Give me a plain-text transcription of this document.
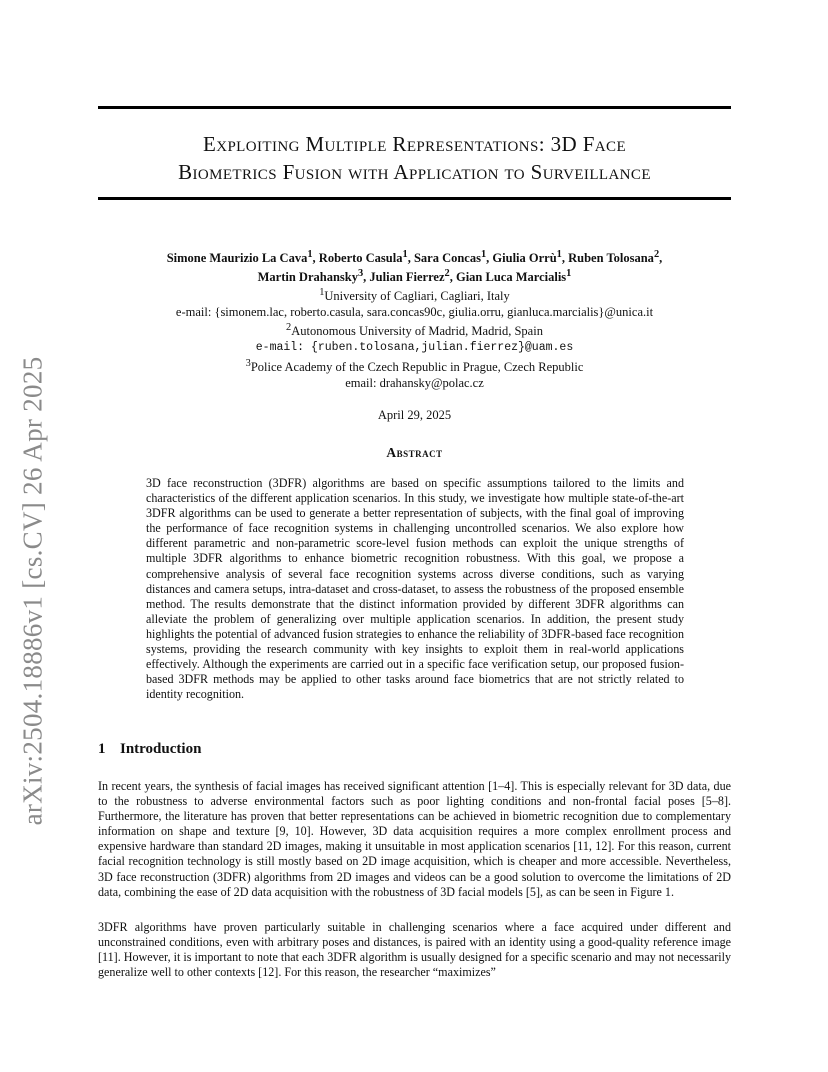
arXiv:2504.18886v1 [cs.CV] 26 Apr 2025
Exploiting Multiple Representations: 3D Face
Biometrics Fusion with Application to Surveillance
Simone Maurizio La Cava$^1$, Roberto Casula$^1$, Sara Concas$^1$, Giulia Orrù$^1$, Ruben Tolosana$^2$,
Martin Drahansky$^3$, Julian Fierrez$^2$, Gian Luca Marcialis$^1$
$^1$University of Cagliari, Cagliari, Italy
e-mail: {simonem.lac, roberto.casula, sara.concas90c, giulia.orru, gianluca.marcialis}@unica.it
$^2$Autonomous University of Madrid, Madrid, Spain
e-mail: {ruben.tolosana,julian.fierrez}@uam.es
$^3$Police Academy of the Czech Republic in Prague, Czech Republic
email: drahansky@polac.cz
April 29, 2025
Abstract

3D face reconstruction (3DFR) algorithms are based on specific assumptions tailored to the limits and characteristics of the different application scenarios. In this study, we investigate how multiple state-of-the-art 3DFR algorithms can be used to generate a better representation of subjects, with the final goal of improving the performance of face recognition systems in challenging uncontrolled scenarios. We also explore how different parametric and non-parametric score-level fusion methods can exploit the unique strengths of multiple 3DFR algorithms to enhance biometric recognition robustness. With this goal, we propose a comprehensive analysis of several face recognition systems across diverse conditions, such as varying distances and camera setups, intra-dataset and cross-dataset, to assess the robustness of the proposed ensemble method. The results demonstrate that the distinct information provided by different 3DFR algorithms can alleviate the problem of generalizing over multiple application scenarios. In addition, the present study highlights the potential of advanced fusion strategies to enhance the reliability of 3DFR-based face recognition systems, providing the research community with key insights to exploit them in real-world applications effectively. Although the experiments are carried out in a specific face verification setup, our proposed fusion-based 3DFR methods may be applied to other tasks around face biometrics that are not strictly related to identity recognition.

1 Introduction

In recent years, the synthesis of facial images has received significant attention [1–4]. This is especially relevant for 3D data, due to the robustness to adverse environmental factors such as poor lighting conditions and non-frontal facial poses [5–8]. Furthermore, the literature has proven that better representations can be achieved in biometric recognition due to complementary information on shape and texture [9, 10]. However, 3D data acquisition requires a more complex enrollment process and expensive hardware than standard 2D images, making it unsuitable in most application scenarios [11, 12]. For this reason, current facial recognition technology is still mostly based on 2D image acquisition, which is cheaper and more accessible. Nevertheless, 3D face reconstruction (3DFR) algorithms from 2D images and videos can be a good solution to overcome the limitations of 2D data, combining the ease of 2D data acquisition with the robustness of 3D facial models [5], as can be seen in Figure 1.

3DFR algorithms have proven particularly suitable in challenging scenarios where a face acquired under different and unconstrained conditions, even with arbitrary poses and distances, is paired with an identity using a good-quality reference image [11]. However, it is important to note that each 3DFR algorithm is usually designed for a specific scenario and may not necessarily generalize well to other contexts [12]. For this reason, the researcher “maximizes”
